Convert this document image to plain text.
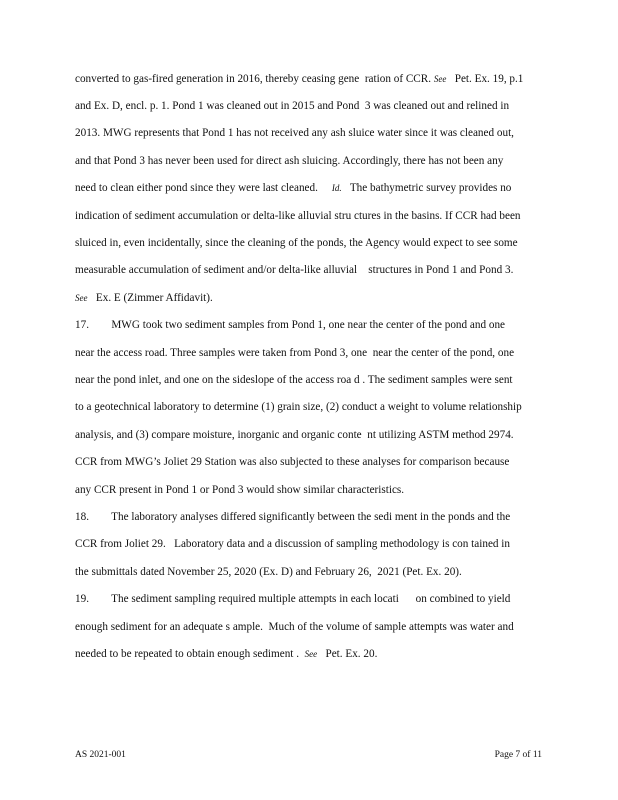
converted to gas-fired generation in 2016, thereby ceasing gene  ration of CCR. See   Pet. Ex. 19, p.1
and Ex. D, encl. p. 1. Pond 1 was cleaned out in 2015 and Pond  3 was cleaned out and relined in
2013. MWG represents that Pond 1 has not received any ash sluice water since it was cleaned out,
and that Pond 3 has never been used for direct ash sluicing. Accordingly, there has not been any
need to clean either pond since they were last cleaned.     Id.   The bathymetric survey provides no
indication of sediment accumulation or delta-like alluvial stru ctures in the basins. If CCR had been
sluiced in, even incidentally, since the cleaning of the ponds, the Agency would expect to see some
measurable accumulation of sediment and/or delta-like alluvial    structures in Pond 1 and Pond 3.
See   Ex. E (Zimmer Affidavit).
17.        MWG took two sediment samples from Pond 1, one near the center of the pond and one
near the access road. Three samples were taken from Pond 3, one  near the center of the pond, one
near the pond inlet, and one on the sideslope of the access roa d . The sediment samples were sent
to a geotechnical laboratory to determine (1) grain size, (2) conduct a weight to volume relationship
analysis, and (3) compare moisture, inorganic and organic conte  nt utilizing ASTM method 2974.
CCR from MWG’s Joliet 29 Station was also subjected to these analyses for comparison because
any CCR present in Pond 1 or Pond 3 would show similar characteristics.
18.        The laboratory analyses differed significantly between the sedi ment in the ponds and the
CCR from Joliet 29.   Laboratory data and a discussion of sampling methodology is con tained in
the submittals dated November 25, 2020 (Ex. D) and February 26,  2021 (Pet. Ex. 20).
19.        The sediment sampling required multiple attempts in each locati      on combined to yield
enough sediment for an adequate s ample.  Much of the volume of sample attempts was water and
needed to be repeated to obtain enough sediment .  See   Pet. Ex. 20.
AS 2021-001	Page 7 of 11
